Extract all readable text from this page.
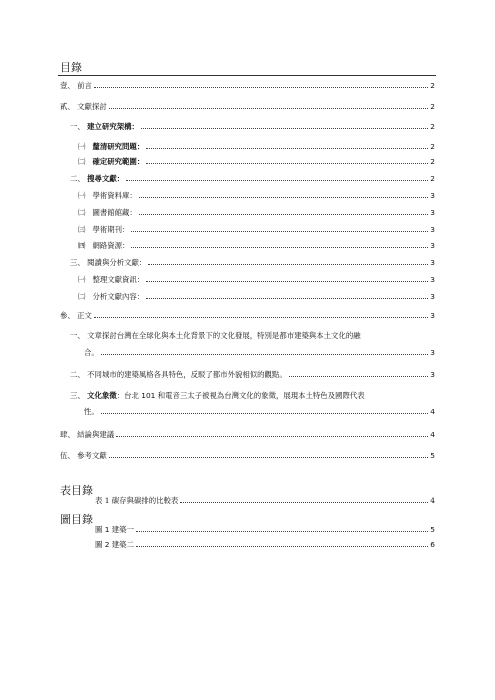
目錄
壹、 前言	2
貳、 文獻探討	2
一、 建立研究架構：	2
㈠ 釐清研究問題：	2
㈡ 確定研究範圍：	2
二、 搜尋文獻：	2
㈠ 學術資料庫：	3
㈡ 圖書館館藏：	3
㈢ 學術期刊：	3
㈣ 網路資源：	3
三、 閱讀與分析文獻：	3
㈠ 整理文獻資訊：	3
㈡ 分析文獻內容：	3
參、 正文	3
一、 文章探討台灣在全球化與本土化背景下的文化發展，特別是都市建築與本土文化的融
合。	3
二、 不同城市的建築風格各具特色，反駁了都市外貌相似的觀點。	3
三、 文化象徵：台北 101 和電音三太子被視為台灣文化的象徵，展現本土特色及國際代表
性。	4
肆、 結論與建議	4
伍、 參考文獻	5
表目錄
表 1 碳存與碳排的比較表	4
圖目錄
圖 1 建築一	5
圖 2 建築二	6
